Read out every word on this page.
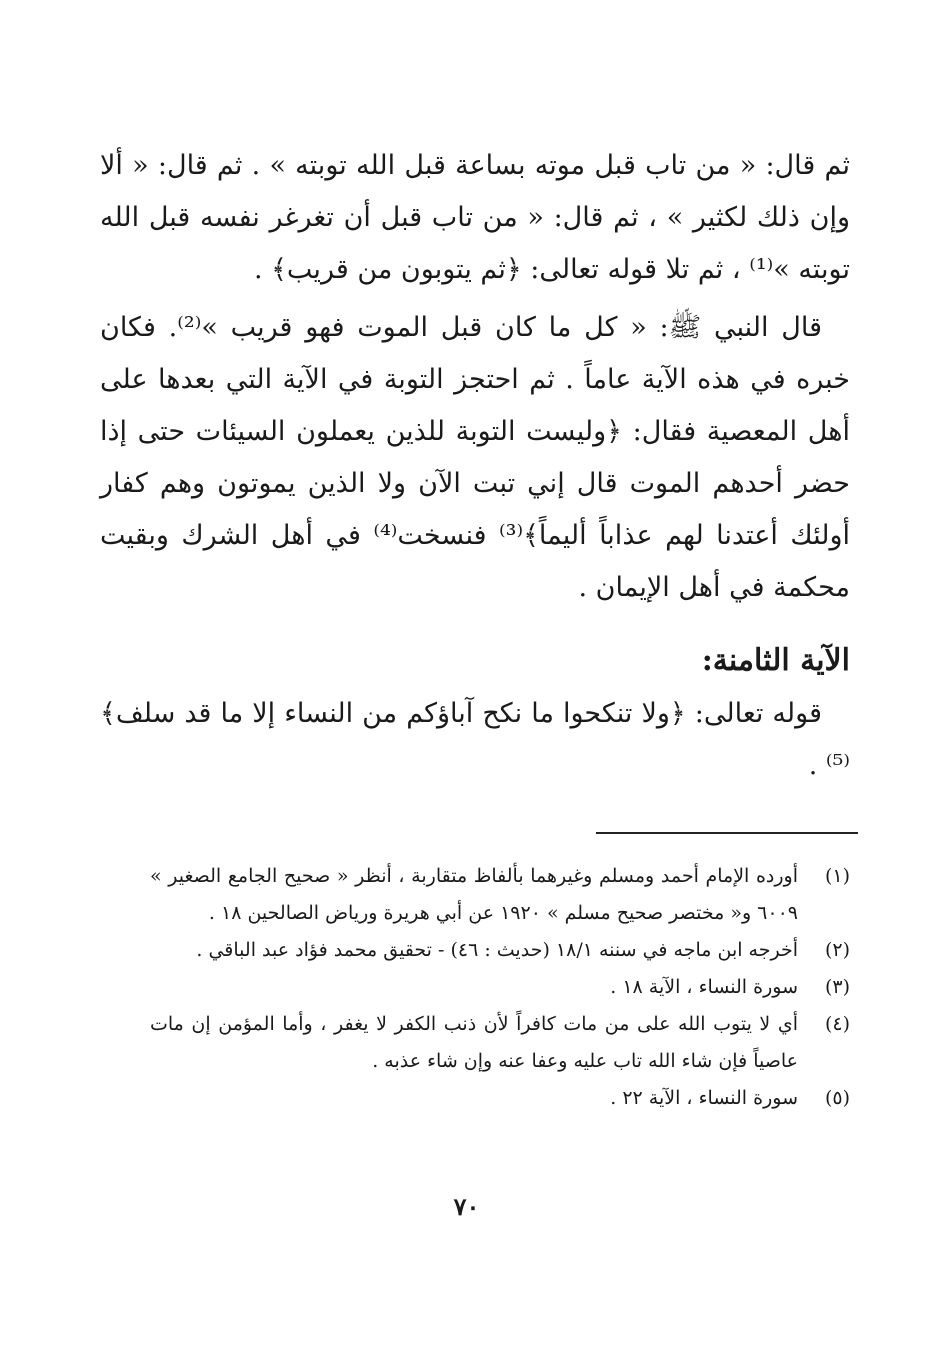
ثم قال: « من تاب قبل موته بساعة قبل الله توبته » . ثم قال: « ألا وإن ذلك لكثير » ، ثم قال: « من تاب قبل أن تغرغر نفسه قبل الله توبته »⁽¹⁾ ، ثم تلا قوله تعالى: ﴿ثم يتوبون من قريب﴾ .

قال النبي ﷺ: « كل ما كان قبل الموت فهو قريب »⁽²⁾. فكان خبره في هذه الآية عاماً . ثم احتجز التوبة في الآية التي بعدها على أهل المعصية فقال: ﴿وليست التوبة للذين يعملون السيئات حتى إذا حضر أحدهم الموت قال إني تبت الآن ولا الذين يموتون وهم كفار أولئك أعتدنا لهم عذاباً أليماً﴾⁽³⁾ فنسخت⁽⁴⁾ في أهل الشرك وبقيت محكمة في أهل الإيمان .

الآية الثامنة:

قوله تعالى: ﴿ولا تنكحوا ما نكح آباؤكم من النساء إلا ما قد سلف﴾⁽⁵⁾ .

(١)
أورده الإمام أحمد ومسلم وغيرهما بألفاظ متقاربة ، أنظر « صحيح الجامع الصغير » ٦٠٠٩ و« مختصر صحيح مسلم » ١٩٢٠ عن أبي هريرة ورياض الصالحين ١٨ .
(٢)
أخرجه ابن ماجه في سننه ١٨/١ (حديث : ٤٦) - تحقيق محمد فؤاد عبد الباقي .
(٣)
سورة النساء ، الآية ١٨ .
(٤)
أي لا يتوب الله على من مات كافراً لأن ذنب الكفر لا يغفر ، وأما المؤمن إن مات عاصياً فإن شاء الله تاب عليه وعفا عنه وإن شاء عذبه .
(٥)
سورة النساء ، الآية ٢٢ .
٧٠
